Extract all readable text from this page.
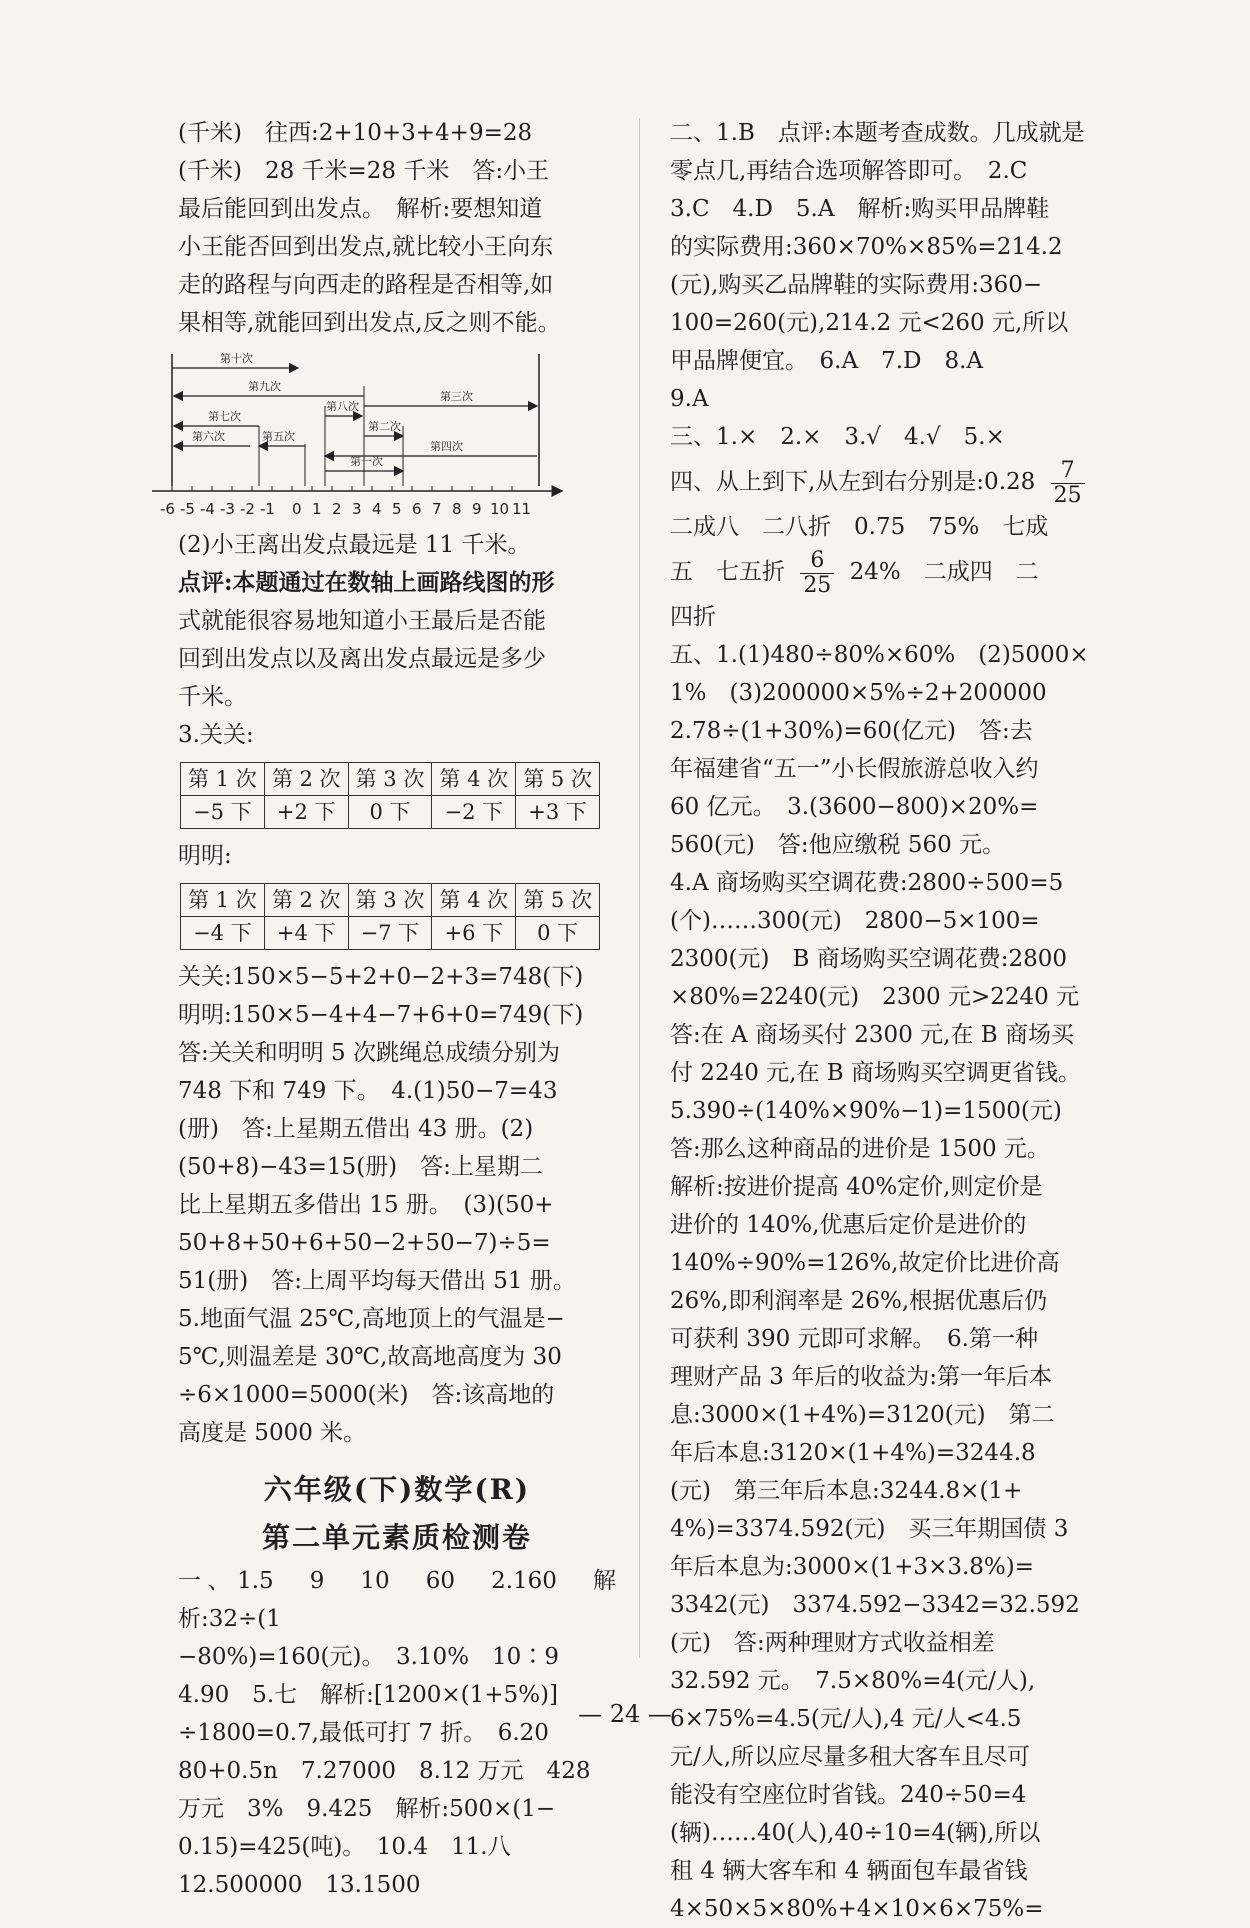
(千米)　往西:2+10+3+4+9=28

(千米)　28 千米=28 千米　答:小王

最后能回到出发点。　解析:要想知道

小王能否回到出发点,就比较小王向东

走的路程与向西走的路程是否相等,如

果相等,就能回到出发点,反之则不能。

第十次
第九次
第三次
第八次
第七次
第二次
第六次	第五次
第四次
第一次
-6 -5 -4 -3 -2 -1 0 1 2 3 4 5 6 7 8 9 10 11

(2)小王离出发点最远是 11 千米。

点评:本题通过在数轴上画路线图的形

式就能很容易地知道小王最后是否能

回到出发点以及离出发点最远是多少

千米。

3.关关:

第 1 次	第 2 次	第 3 次	第 4 次	第 5 次
−5 下	+2 下	0 下	−2 下	+3 下

明明:

第 1 次	第 2 次	第 3 次	第 4 次	第 5 次
−4 下	+4 下	−7 下	+6 下	0 下

关关:150×5−5+2+0−2+3=748(下)

明明:150×5−4+4−7+6+0=749(下)

答:关关和明明 5 次跳绳总成绩分别为

748 下和 749 下。　4.(1)50−7=43

(册)　答:上星期五借出 43 册。(2)

(50+8)−43=15(册)　答:上星期二

比上星期五多借出 15 册。　(3)(50+

50+8+50+6+50−2+50−7)÷5=

51(册)　答:上周平均每天借出 51 册。

5.地面气温 25℃,高地顶上的气温是−

5℃,则温差是 30℃,故高地高度为 30

÷6×1000=5000(米)　答:该高地的

高度是 5000 米。

六年级(下)数学(R)
第二单元素质检测卷

一、1.5　9　10　60　2.160　解析:32÷(1

−80%)=160(元)。　3.10%　10∶9

4.90　5.七　解析:[1200×(1+5%)]

÷1800=0.7,最低可打 7 折。　6.20

80+0.5n　7.27000　8.12 万元　428

万元　3%　9.425　解析:500×(1−

0.15)=425(吨)。　10.4　11.八

12.500000　13.1500

二、1.B　点评:本题考查成数。几成就是

零点几,再结合选项解答即可。　2.C

3.C　4.D　5.A　解析:购买甲品牌鞋

的实际费用:360×70%×85%=214.2

(元),购买乙品牌鞋的实际费用:360−

100=260(元),214.2 元<260 元,所以

甲品牌便宜。　6.A　7.D　8.A

9.A

三、1.×　2.×　3.√　4.√　5.×

四、从上到下,从左到右分别是:0.28 $\frac{7}{25}$

二成八　二八折　0.75　75%　七成

五　七五折 $\frac{6}{25} 24\%$　二成四　二

四折

五、1.(1)480÷80%×60%　(2)5000×

1%　(3)200000×5%÷2+200000

2.78÷(1+30%)=60(亿元)　答:去

年福建省“五一”小长假旅游总收入约

60 亿元。　3.(3600−800)×20%=

560(元)　答:他应缴税 560 元。

4.A 商场购买空调花费:2800÷500=5

(个)……300(元)　2800−5×100=

2300(元)　B 商场购买空调花费:2800

×80%=2240(元)　2300 元>2240 元

答:在 A 商场买付 2300 元,在 B 商场买

付 2240 元,在 B 商场购买空调更省钱。

5.390÷(140%×90%−1)=1500(元)

答:那么这种商品的进价是 1500 元。

解析:按进价提高 40%定价,则定价是

进价的 140%,优惠后定价是进价的

140%÷90%=126%,故定价比进价高

26%,即利润率是 26%,根据优惠后仍

可获利 390 元即可求解。　6.第一种

理财产品 3 年后的收益为:第一年后本

息:3000×(1+4%)=3120(元)　第二

年后本息:3120×(1+4%)=3244.8

(元)　第三年后本息:3244.8×(1+

4%)=3374.592(元)　买三年期国债 3

年后本息为:3000×(1+3×3.8%)=

3342(元)　3374.592−3342=32.592

(元)　答:两种理财方式收益相差

32.592 元。　7.5×80%=4(元/人),

6×75%=4.5(元/人),4 元/人<4.5

元/人,所以应尽量多租大客车且尽可

能没有空座位时省钱。240÷50=4

(辆)……40(人),40÷10=4(辆),所以

租 4 辆大客车和 4 辆面包车最省钱

4×50×5×80%+4×10×6×75%=

— 24 —
